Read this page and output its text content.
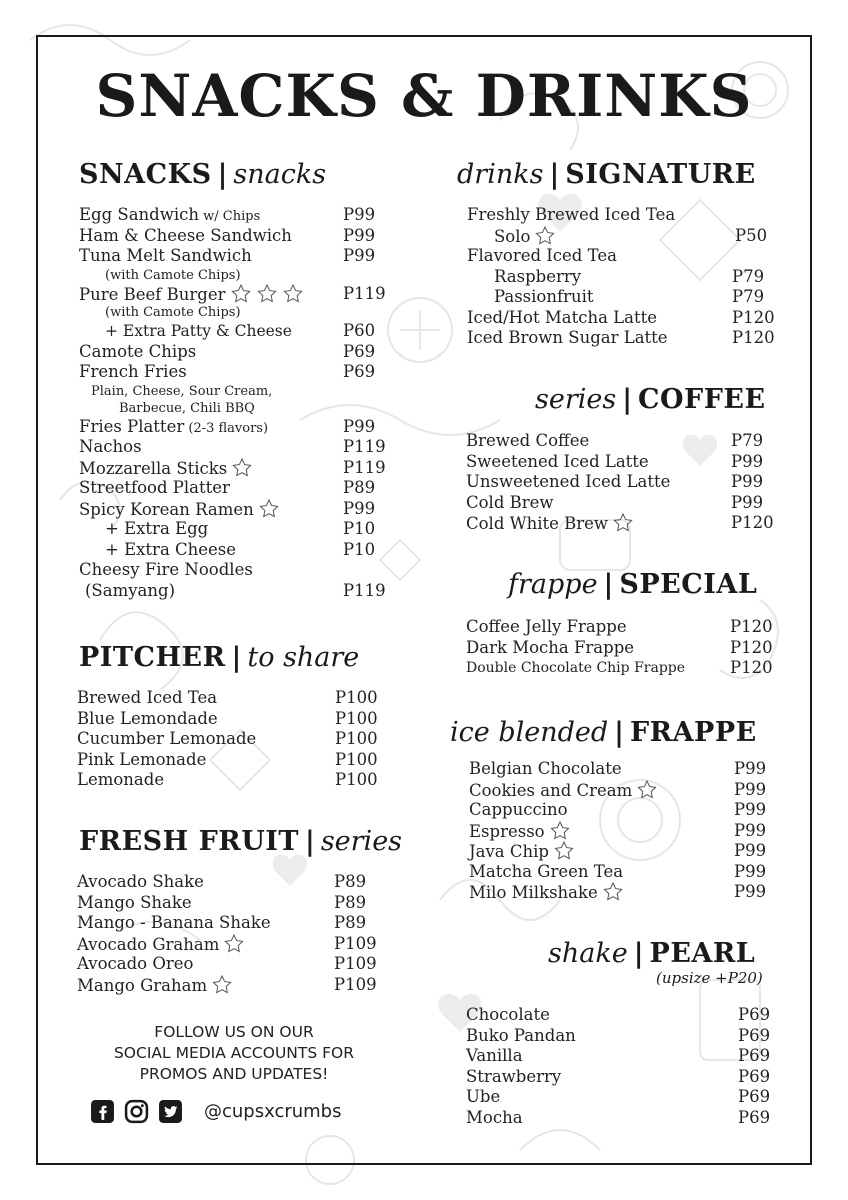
SNACKS & DRINKS
SNACKS | snacks
Egg Sandwich w/ Chips	P99
Ham & Cheese Sandwich	P99
Tuna Melt Sandwich	P99
(with Camote Chips)
Pure Beef Burger	P119
(with Camote Chips)
+ Extra Patty & Cheese	P60
Camote Chips	P69
French Fries	P69
Plain, Cheese, Sour Cream,
Barbecue, Chili BBQ
Fries Platter (2-3 flavors)	P99
Nachos	P119
Mozzarella Sticks	P119
Streetfood Platter	P89
Spicy Korean Ramen	P99
+ Extra Egg	P10
+ Extra Cheese	P10
Cheesy Fire Noodles
(Samyang)	P119
PITCHER | to share
Brewed Iced Tea	P100
Blue Lemondade	P100
Cucumber Lemonade	P100
Pink Lemonade	P100
Lemonade	P100
FRESH FRUIT | series
Avocado Shake	P89
Mango Shake	P89
Mango - Banana Shake	P89
Avocado Graham	P109
Avocado Oreo	P109
Mango Graham	P109
FOLLOW US ON OUR
SOCIAL MEDIA ACCOUNTS FOR
PROMOS AND UPDATES!
@cupsxcrumbs
drinks | SIGNATURE
Freshly Brewed Iced Tea
Solo	P50
Flavored Iced Tea
Raspberry	P79
Passionfruit	P79
Iced/Hot Matcha Latte	P120
Iced Brown Sugar Latte	P120
series | COFFEE
Brewed Coffee	P79
Sweetened Iced Latte	P99
Unsweetened Iced Latte	P99
Cold Brew	P99
Cold White Brew	P120
frappe | SPECIAL
Coffee Jelly Frappe	P120
Dark Mocha Frappe	P120
Double Chocolate Chip Frappe	P120
ice blended | FRAPPE
Belgian Chocolate	P99
Cookies and Cream	P99
Cappuccino	P99
Espresso	P99
Java Chip	P99
Matcha Green Tea	P99
Milo Milkshake	P99
shake | PEARL
(upsize +P20)
Chocolate	P69
Buko Pandan	P69
Vanilla	P69
Strawberry	P69
Ube	P69
Mocha	P69
